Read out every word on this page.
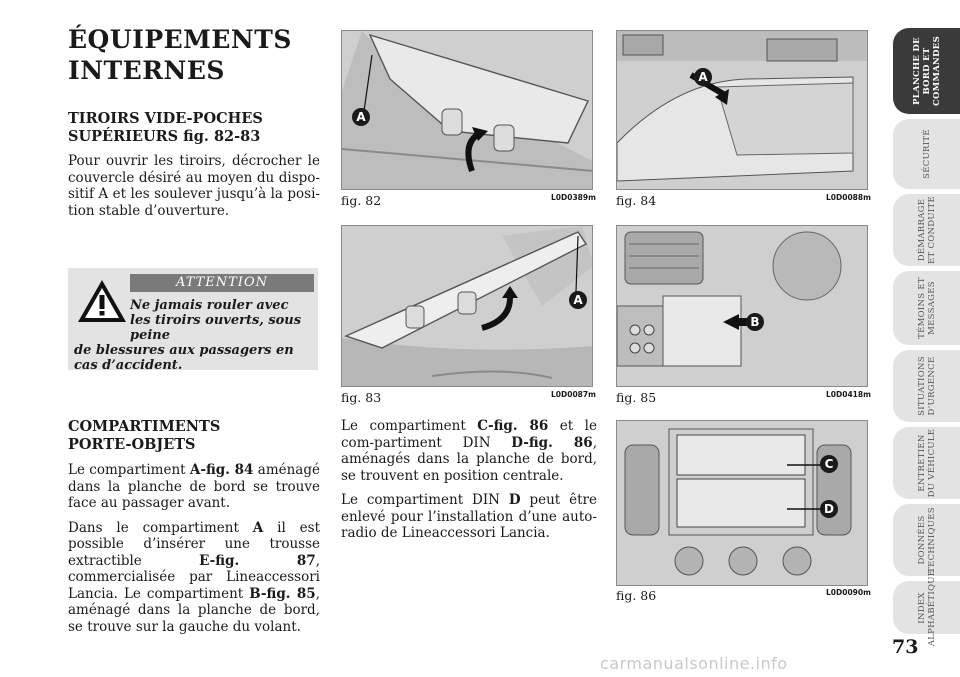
ÉQUIPEMENTS
INTERNES
TIROIRS VIDE-POCHES
SUPÉRIEURS fig. 82-83

Pour ouvrir les tiroirs, décrocher le couvercle désiré au moyen du dispo-sitif A et les soulever jusqu’à la posi-tion stable d’ouverture.

ATTENTION
Ne jamais rouler avec les tiroirs ouverts, sous peine
de blessures aux passagers en cas d’accident.
COMPARTIMENTS
PORTE-OBJETS

Le compartiment A-fig. 84 aménagé dans la planche de bord se trouve face au passager avant.

Dans le compartiment A il est possible d’insérer une trousse extractible E-fig. 87, commercialisée par Lineaccessori Lancia. Le compartiment B-fig. 85, aménagé dans la planche de bord, se trouve sur la gauche du volant.

Le compartiment C-fig. 86 et le com-partiment DIN D-fig. 86, aménagés dans la planche de bord, se trouvent en position centrale.

Le compartiment DIN D peut être enlevé pour l’installation d’une auto-radio de Lineaccessori Lancia.

A
fig. 82	L0D0389m
A
fig. 83	L0D0087m
A
fig. 84	L0D0088m
B
fig. 85	L0D0418m
C
D
fig. 86	L0D0090m
PLANCHE DE
BORD ET
COMMANDES
SÉCURITÉ
DÉMARRAGE
ET CONDUITE
TÉMOINS ET
MESSAGES
SITUATIONS
D’URGENCE
ENTRETIEN
DU VÉHICULE
DONNÉES
TECHNIQUES
INDEX
ALPHABÉTIQUE
73
carmanualsonline.info
